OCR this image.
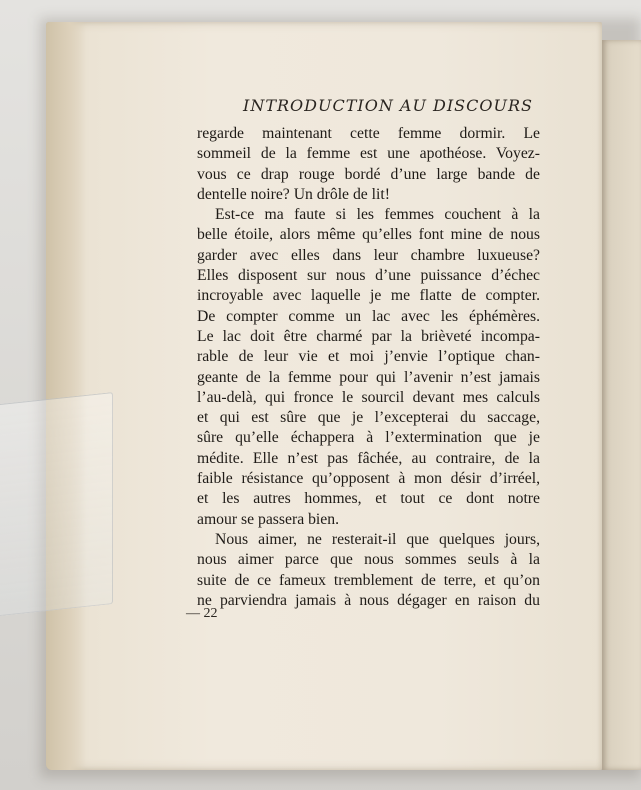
INTRODUCTION AU DISCOURS
regarde maintenant cette femme dormir. Le
sommeil de la femme est une apothéose. Voyez-
vous ce drap rouge bordé d’une large bande de
dentelle noire? Un drôle de lit!
Est-ce ma faute si les femmes couchent à la
belle étoile, alors même qu’elles font mine de nous
garder avec elles dans leur chambre luxueuse?
Elles disposent sur nous d’une puissance d’échec
incroyable avec laquelle je me flatte de compter.
De compter comme un lac avec les éphémères.
Le lac doit être charmé par la brièveté incompa-
rable de leur vie et moi j’envie l’optique chan-
geante de la femme pour qui l’avenir n’est jamais
l’au-delà, qui fronce le sourcil devant mes calculs
et qui est sûre que je l’excepterai du saccage,
sûre qu’elle échappera à l’extermination que je
médite. Elle n’est pas fâchée, au contraire, de la
faible résistance qu’opposent à mon désir d’irréel,
et les autres hommes, et tout ce dont notre
amour se passera bien.
Nous aimer, ne resterait-il que quelques jours,
nous aimer parce que nous sommes seuls à la
suite de ce fameux tremblement de terre, et qu’on
ne parviendra jamais à nous dégager en raison du
— 22
